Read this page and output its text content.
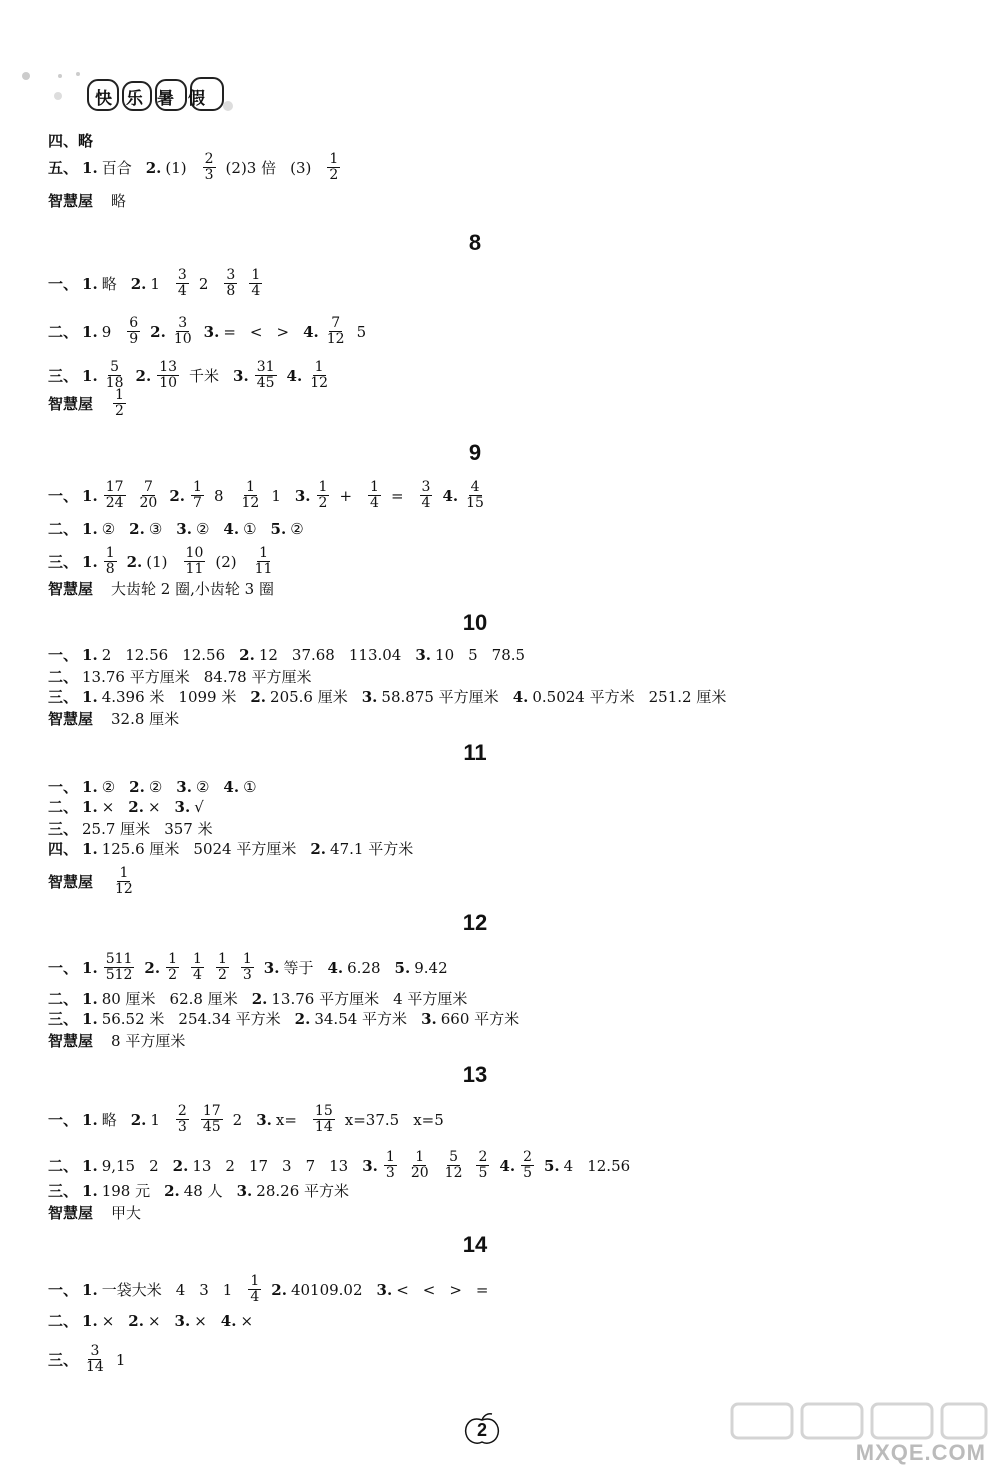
快乐暑假
四、略
五、 1. 百合 2. $(1) \frac{2}{3} (2)3$ 倍 $(3) \frac{1}{2}$
智慧屋 略
8
一、 1. 略 2. $1 \frac{3}{4} 2 \frac{3}{8} \frac{1}{4}$
二、 1. $9 \frac{6}{9} 2$. $\frac{3}{10} 3$. = < > 4. $\frac{7}{12} 5$
三、 1. $\frac{5}{18} 2$. $\frac{13}{10}$ 千米 3. $\frac{31}{45} 4$. $\frac{1}{12}$
智慧屋 $\frac{1}{2}$
9
一、 1. $\frac{17}{24} \frac{7}{20} 2$. $\frac{1}{7} 8 \frac{1}{12} 1$ 3. $\frac{1}{2} + \frac{1}{4} = \frac{3}{4} 4$. $\frac{4}{15}$
二、 1. ② 2. ③ 3. ② 4. ① 5. ②
三、 1. $\frac{1}{8} 2$. $(1) \frac{10}{11} (2) \frac{1}{11}$
智慧屋 大齿轮 2 圈,小齿轮 3 圈
10
一、 1. 2 12.56 12.56 2. 12 37.68 113.04 3. 10 5 78.5
二、 13.76 平方厘米 84.78 平方厘米
三、 1. 4.396 米 1099 米 2. 205.6 厘米 3. 58.875 平方厘米 4. 0.5024 平方米 251.2 厘米
智慧屋 32.8 厘米
11
一、 1. ② 2. ② 3. ② 4. ①
二、 1. × 2. × 3. √
三、 25.7 厘米 357 米
四、 1. 125.6 厘米 5024 平方厘米 2. 47.1 平方米
智慧屋 $\frac{1}{12}$
12
一、 1. $\frac{511}{512} 2$. $\frac{1}{2} \frac{1}{4} \frac{1}{2} \frac{1}{3} 3$. 等于 4. 6.28 5. 9.42
二、 1. 80 厘米 62.8 厘米 2. 13.76 平方厘米 4 平方厘米
三、 1. 56.52 米 254.34 平方米 2. 34.54 平方米 3. 660 平方米
智慧屋 8 平方厘米
13
一、 1. 略 2. $1 \frac{2}{3} \frac{17}{45} 2$ 3. $x= \frac{15}{14} x=37.5$ x=5
二、 1. 9,15 2 2. 13 2 17 3 7 13 3. $\frac{1}{3} \frac{1}{20} \frac{5}{12} \frac{2}{5} 4$. $\frac{2}{5} 5$. 4 12.56
三、 1. 198 元 2. 48 人 3. 28.26 平方米
智慧屋 甲大
14
一、 1. 一袋大米 4 3 $1 \frac{1}{4} 2$. 40109.02 3. < < > =
二、 1. × 2. × 3. × 4. ×
三、 $\frac{3}{14} 1$
2
MXQE.COM
